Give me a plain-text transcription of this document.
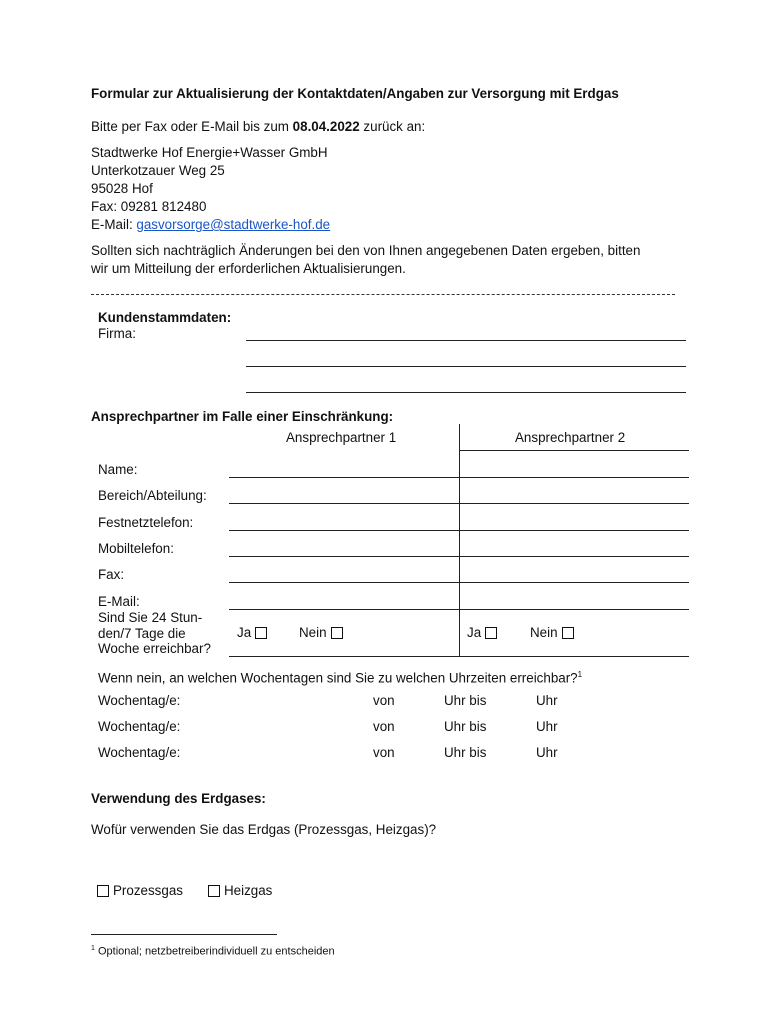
Formular zur Aktualisierung der Kontaktdaten/Angaben zur Versorgung mit Erdgas
Bitte per Fax oder E-Mail bis zum 08.04.2022 zurück an:
Stadtwerke Hof Energie+Wasser GmbH
Unterkotzauer Weg 25
95028 Hof
Fax: 09281 812480
E-Mail: gasvorsorge@stadtwerke-hof.de
Sollten sich nachträglich Änderungen bei den von Ihnen angegebenen Daten ergeben, bitten
wir um Mitteilung der erforderlichen Aktualisierungen.
Kundenstammdaten:
Firma:
Ansprechpartner im Falle einer Einschränkung:
Ansprechpartner 1	Ansprechpartner 2
Name:
Bereich/Abteilung:
Festnetztelefon:
Mobiltelefon:
Fax:
E-Mail:
Sind Sie 24 Stun-
den/7 Tage die
Woche erreichbar?
Ja	Nein	Ja	Nein
Wenn nein, an welchen Wochentagen sind Sie zu welchen Uhrzeiten erreichbar?$^1$
Wochentag/e:	von	Uhr bis	Uhr
Wochentag/e:	von	Uhr bis	Uhr
Wochentag/e:	von	Uhr bis	Uhr
Verwendung des Erdgases:
Wofür verwenden Sie das Erdgas (Prozessgas, Heizgas)?
Prozessgas	Heizgas
$^1$ Optional; netzbetreiberindividuell zu entscheiden
